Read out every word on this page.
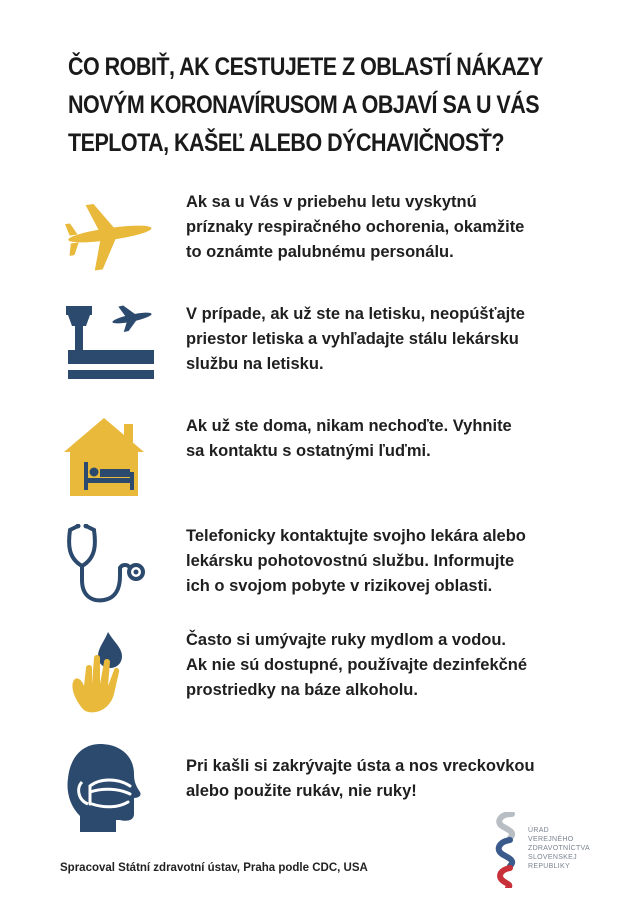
ČO ROBIŤ, AK CESTUJETE Z OBLASTÍ NÁKAZY
NOVÝM KORONAVÍRUSOM A OBJAVÍ SA U VÁS
TEPLOTA, KAŠEĽ ALEBO DÝCHAVIČNOSŤ?
Ak sa u Vás v priebehu letu vyskytnú
príznaky respiračného ochorenia, okamžite
to oznámte palubnému personálu.
V prípade, ak už ste na letisku, neopúšťajte
priestor letiska a vyhľadajte stálu lekársku
službu na letisku.
Ak už ste doma, nikam nechoďte. Vyhnite
sa kontaktu s ostatnými ľuďmi.
Telefonicky kontaktujte svojho lekára alebo
lekársku pohotovostnú službu. Informujte
ich o svojom pobyte v rizikovej oblasti.
Často si umývajte ruky mydlom a vodou.
Ak nie sú dostupné, používajte dezinfekčné
prostriedky na báze alkoholu.
Pri kašli si zakrývajte ústa a nos vreckovkou
alebo použite rukáv, nie ruky!
Spracoval Státní zdravotní ústav, Praha podle CDC, USA
ÚRAD
VEREJNÉHO
ZDRAVOTNÍCTVA
SLOVENSKEJ
REPUBLIKY
